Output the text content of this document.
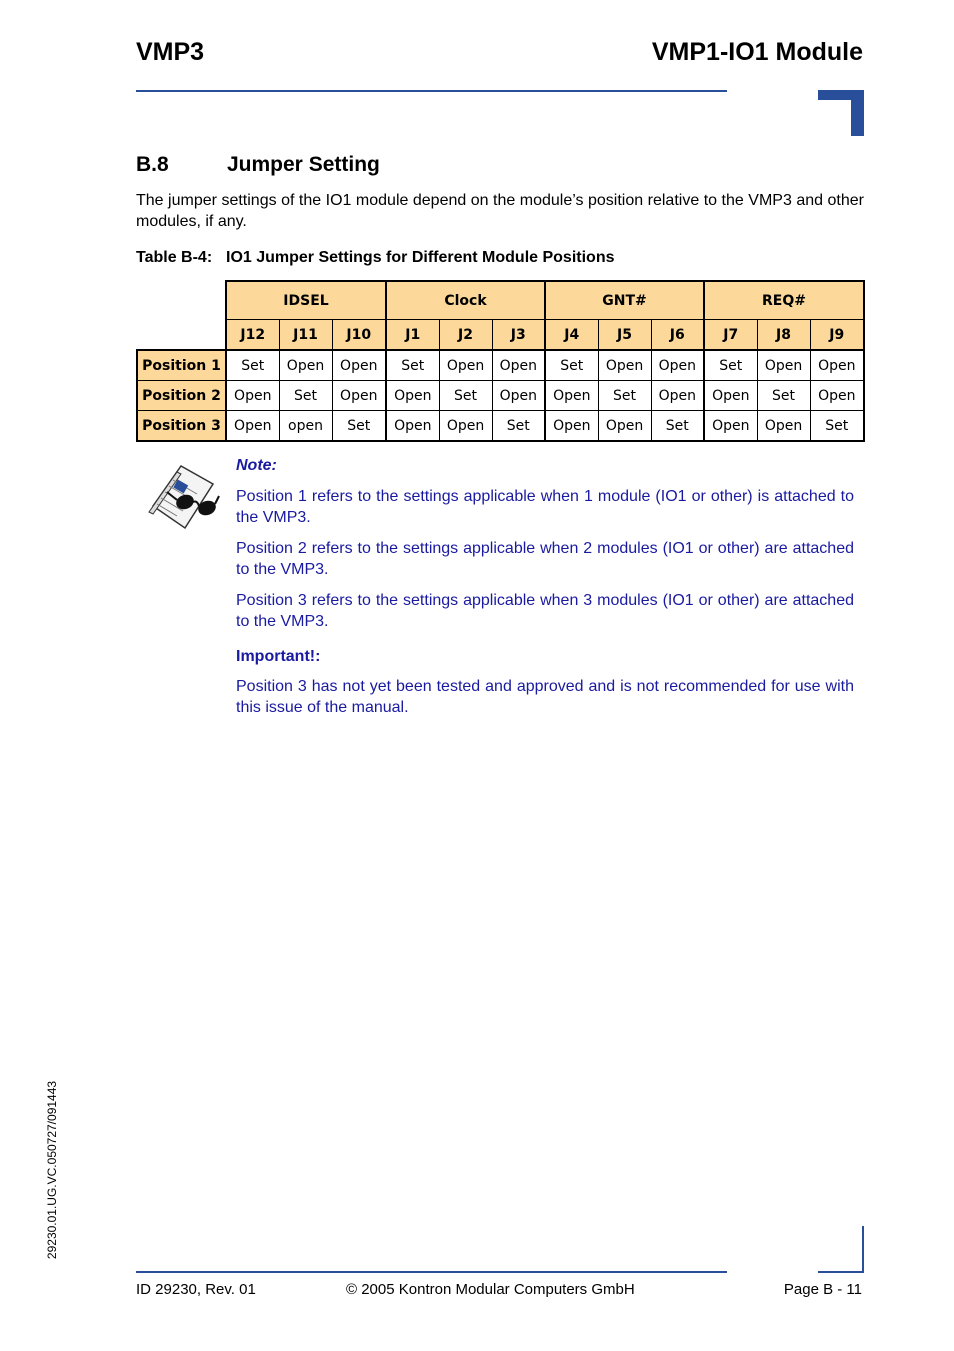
VMP3	VMP1-IO1 Module
B.8	Jumper Setting
The jumper settings of the IO1 module depend on the module’s position relative to the VMP3 and other modules, if any.
Table B-4: IO1 Jumper Settings for Different Module Positions
	IDSEL			Clock			GNT#			REQ#		
	J12	J11	J10	J1	J2	J3	J4	J5	J6	J7	J8	J9
Position 1	Set	Open	Open	Set	Open	Open	Set	Open	Open	Set	Open	Open
Position 2	Open	Set	Open	Open	Set	Open	Open	Set	Open	Open	Set	Open
Position 3	Open	open	Set	Open	Open	Set	Open	Open	Set	Open	Open	Set
Note:

Position 1 refers to the settings applicable when 1 module (IO1 or other) is attached to the VMP3.

Position 2 refers to the settings applicable when 2 modules (IO1 or other) are attached to the VMP3.

Position 3 refers to the settings applicable when 3 modules (IO1 or other) are attached to the VMP3.

Important!:

Position 3 has not yet been tested and approved and is not recommended for use with this issue of the manual.

29230.01.UG.VC.050727/091443
ID 29230, Rev. 01	© 2005 Kontron Modular Computers GmbH	Page B - 11
